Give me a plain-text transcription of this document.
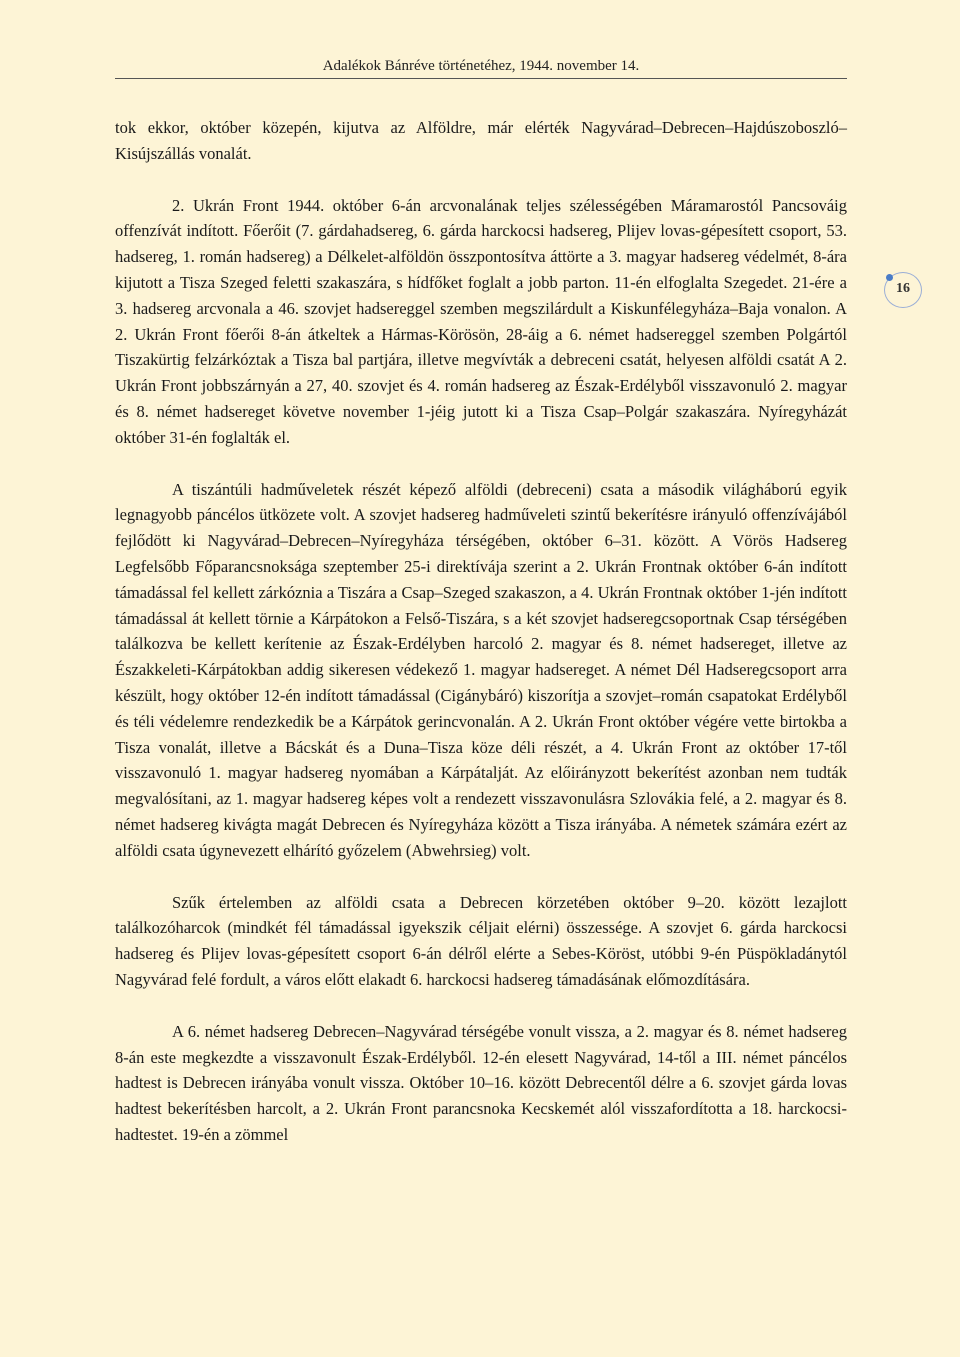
Adalékok Bánréve történetéhez, 1944. november 14.
16

tok ekkor, október közepén, kijutva az Alföldre, már elérték Nagyvárad–Debrecen–Hajdúszoboszló–Kisújszállás vonalát.

2. Ukrán Front 1944. október 6-án arcvonalának teljes szélességében Máramarostól Pancsováig offenzívát indított. Főerőit (7. gárdahadsereg, 6. gárda harckocsi hadsereg, Plijev lovas-gépesített csoport, 53. hadsereg, 1. román hadsereg) a Délkelet-alföldön összpontosítva áttörte a 3. magyar hadsereg védelmét, 8-ára kijutott a Tisza Szeged feletti szakaszára, s hídfőket foglalt a jobb parton. 11-én elfoglalta Szegedet. 21-ére a 3. hadsereg arcvonala a 46. szovjet hadsereggel szemben megszilárdult a Kiskunfélegyháza–Baja vonalon. A 2. Ukrán Front főerői 8-án átkeltek a Hármas-Körösön, 28-áig a 6. német hadsereggel szemben Polgártól Tiszakürtig felzárkóztak a Tisza bal partjára, illetve megvívták a debreceni csatát, helyesen alföldi csatát A 2. Ukrán Front jobbszárnyán a 27, 40. szovjet és 4. román hadsereg az Észak-Erdélyből visszavonuló 2. magyar és 8. német hadsereget követve november 1-jéig jutott ki a Tisza Csap–Polgár szakaszára. Nyíregyházát október 31-én foglalták el.

A tiszántúli hadműveletek részét képező alföldi (debreceni) csata a második világháború egyik legnagyobb páncélos ütközete volt. A szovjet hadsereg hadműveleti szintű bekerítésre irányuló offenzívájából fejlődött ki Nagyvárad–Debrecen–Nyíregyháza térségében, október 6–31. között. A Vörös Hadsereg Legfelsőbb Főparancsnoksága szeptember 25-i direktívája szerint a 2. Ukrán Frontnak október 6-án indított támadással fel kellett zárkóznia a Tiszára a Csap–Szeged szakaszon, a 4. Ukrán Frontnak október 1-jén indított támadással át kellett törnie a Kárpátokon a Felső-Tiszára, s a két szovjet hadseregcsoportnak Csap térségében találkozva be kellett kerítenie az Észak-Erdélyben harcoló 2. magyar és 8. német hadsereget, illetve az Északkeleti-Kárpátokban addig sikeresen védekező 1. magyar hadsereget. A német Dél Hadseregcsoport arra készült, hogy október 12-én indított támadással (Cigánybáró) kiszorítja a szovjet–román csapatokat Erdélyből és téli védelemre rendezkedik be a Kárpátok gerincvonalán. A 2. Ukrán Front október végére vette birtokba a Tisza vonalát, illetve a Bácskát és a Duna–Tisza köze déli részét, a 4. Ukrán Front az október 17-től visszavonuló 1. magyar hadsereg nyomában a Kárpátalját. Az előirányzott bekerítést azonban nem tudták megvalósítani, az 1. magyar hadsereg képes volt a rendezett visszavonulásra Szlovákia felé, a 2. magyar és 8. német hadsereg kivágta magát Debrecen és Nyíregyháza között a Tisza irányába. A németek számára ezért az alföldi csata úgynevezett elhárító győzelem (Abwehrsieg) volt.

Szűk értelemben az alföldi csata a Debrecen körzetében október 9–20. között lezajlott találkozóharcok (mindkét fél támadással igyekszik céljait elérni) összessége. A szovjet 6. gárda harckocsi hadsereg és Plijev lovas-gépesített csoport 6-án délről elérte a Sebes-Köröst, utóbbi 9-én Püspökladánytól Nagyvárad felé fordult, a város előtt elakadt 6. harckocsi hadsereg támadásának előmozdítására.

A 6. német hadsereg Debrecen–Nagyvárad térségébe vonult vissza, a 2. magyar és 8. német hadsereg 8-án este megkezdte a visszavonult Észak-Erdélyből. 12-én elesett Nagyvárad, 14-től a III. német páncélos hadtest is Debrecen irányába vonult vissza. Október 10–16. között Debrecentől délre a 6. szovjet gárda lovas hadtest bekerítésben harcolt, a 2. Ukrán Front parancsnoka Kecskemét alól visszafordította a 18. harckocsi-hadtestet. 19-én a zömmel
